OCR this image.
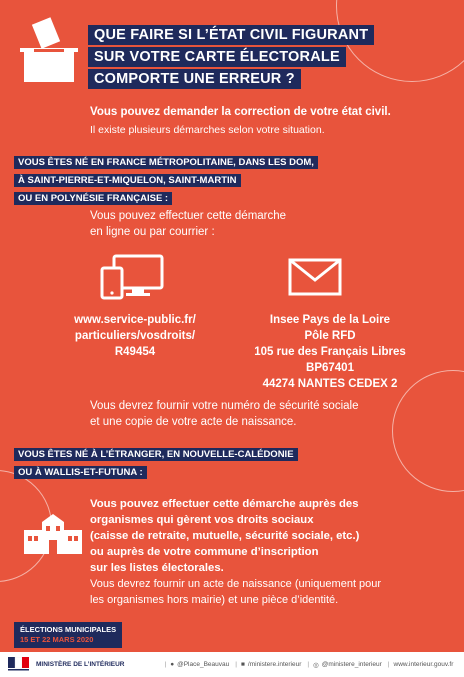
QUE FAIRE SI L’ÉTAT CIVIL FIGURANT
SUR VOTRE CARTE ÉLECTORALE
COMPORTE UNE ERREUR ?
Vous pouvez demander la correction de votre état civil.
Il existe plusieurs démarches selon votre situation.
VOUS ÊTES NÉ EN FRANCE MÉTROPOLITAINE, DANS LES DOM,
À SAINT-PIERRE-ET-MIQUELON, SAINT-MARTIN
OU EN POLYNÉSIE FRANÇAISE :
Vous pouvez effectuer cette démarche
en ligne ou par courrier :
www.service-public.fr/
particuliers/vosdroits/
R49454
Insee Pays de la Loire
Pôle RFD
105 rue des Français Libres
BP67401
44274 NANTES CEDEX 2
Vous devrez fournir votre numéro de sécurité sociale
et une copie de votre acte de naissance.
VOUS ÊTES NÉ À L’ÉTRANGER, EN NOUVELLE-CALÉDONIE
OU À WALLIS-ET-FUTUNA :
Vous pouvez effectuer cette démarche auprès des
organismes qui gèrent vos droits sociaux
(caisse de retraite, mutuelle, sécurité sociale, etc.)
ou auprès de votre commune d’inscription
sur les listes électorales.
Vous devrez fournir un acte de naissance (uniquement pour
les organismes hors mairie) et une pièce d’identité.
ÉLECTIONS MUNICIPALES
15 ET 22 MARS 2020
MINISTÈRE DE L’INTÉRIEUR	| ● @Place_Beauvau | ■ /ministere.interieur | ◎ @ministere_interieur | www.interieur.gouv.fr
